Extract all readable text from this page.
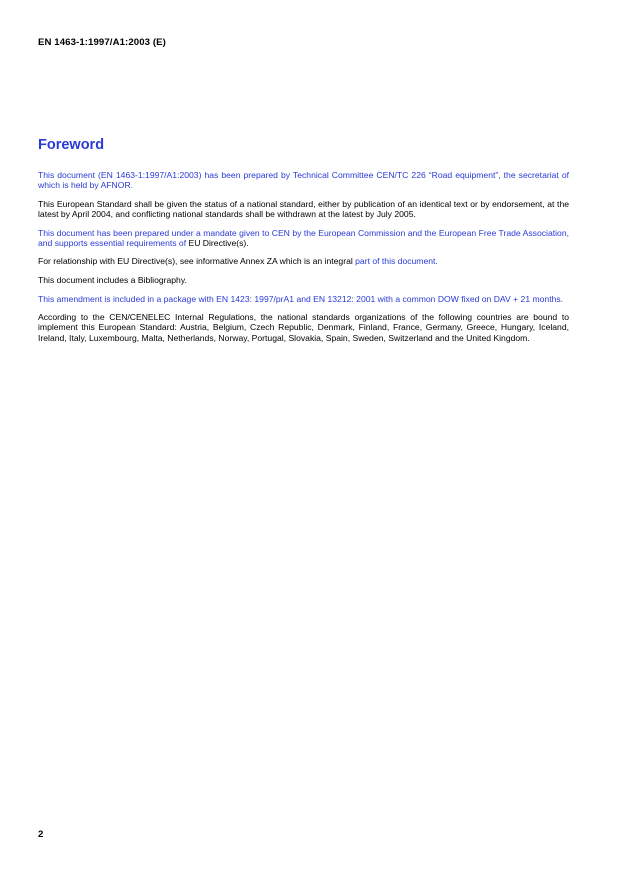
EN 1463-1:1997/A1:2003 (E)
Foreword

This document (EN 1463-1:1997/A1:2003) has been prepared by Technical Committee CEN/TC 226 “Road equipment”, the secretariat of which is held by AFNOR.

This European Standard shall be given the status of a national standard, either by publication of an identical text or by endorsement, at the latest by April 2004, and conflicting national standards shall be withdrawn at the latest by July 2005.

This document has been prepared under a mandate given to CEN by the European Commission and the European Free Trade Association, and supports essential requirements of EU Directive(s).

For relationship with EU Directive(s), see informative Annex ZA which is an integral part of this document.

This document includes a Bibliography.

This amendment is included in a package with EN 1423: 1997/prA1 and EN 13212: 2001 with a common DOW fixed on DAV + 21 months.

According to the CEN/CENELEC Internal Regulations, the national standards organizations of the following countries are bound to implement this European Standard: Austria, Belgium, Czech Republic, Denmark, Finland, France, Germany, Greece, Hungary, Iceland, Ireland, Italy, Luxembourg, Malta, Netherlands, Norway, Portugal, Slovakia, Spain, Sweden, Switzerland and the United Kingdom.

2
